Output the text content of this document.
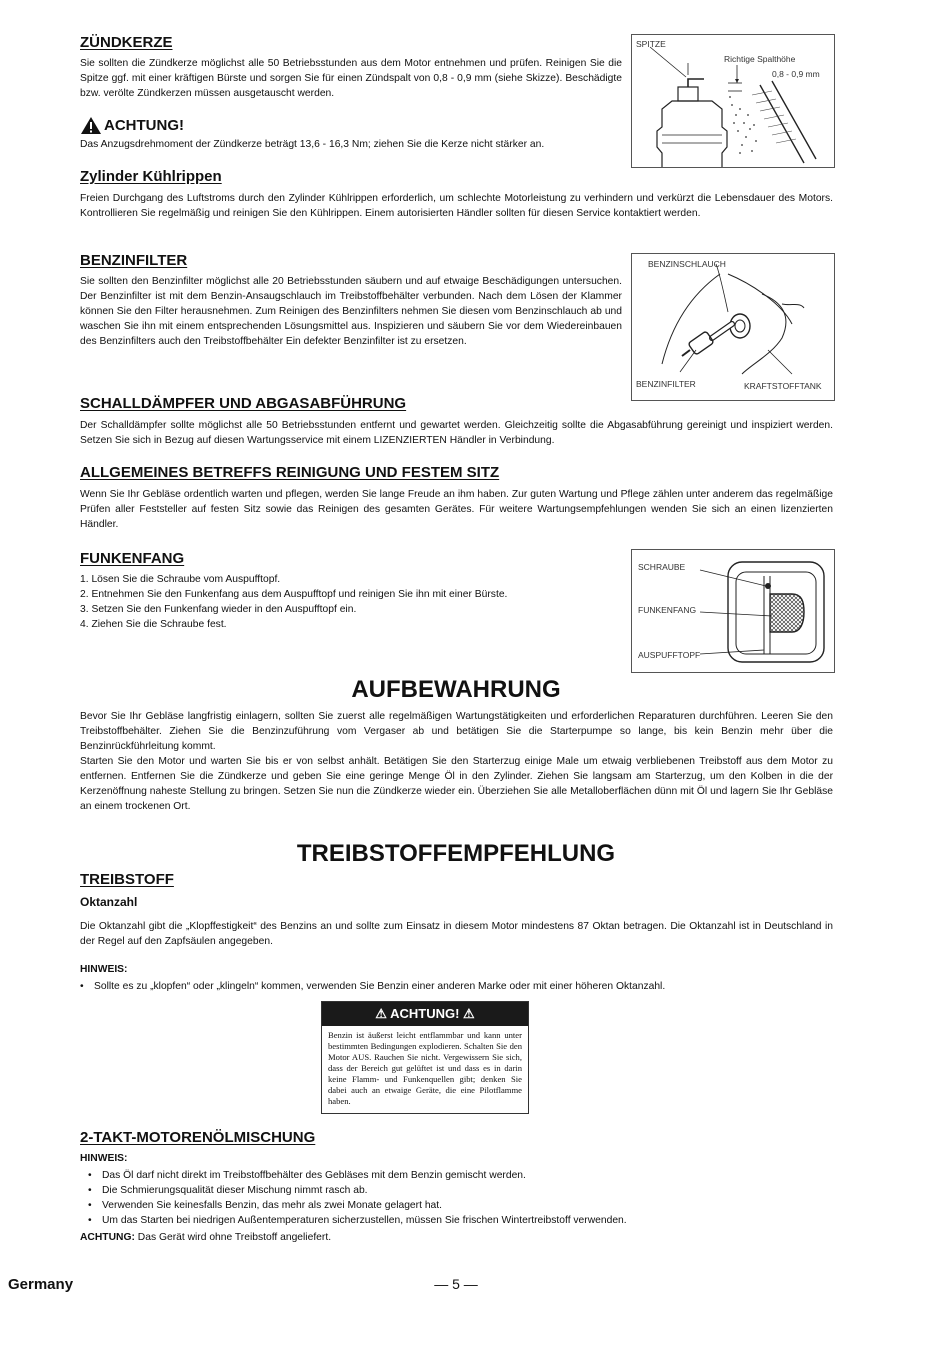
ZÜNDKERZE

Sie sollten die Zündkerze möglichst alle 50 Betriebsstunden aus dem Motor entnehmen und prüfen. Reinigen Sie die Spitze ggf. mit einer kräftigen Bürste und sorgen Sie für einen Zündspalt von 0,8 - 0,9 mm (siehe Skizze). Beschädigte bzw. verölte Zündkerzen müssen ausgetauscht werden.

ACHTUNG!

Das Anzugsdrehmoment der Zündkerze beträgt 13,6 - 16,3 Nm; ziehen Sie die Kerze nicht stärker an.

SPITZE
Richtige Spalthöhe
0,8 - 0,9 mm
Zylinder Kühlrippen

Freien Durchgang des Luftstroms durch den Zylinder Kühlrippen erforderlich, um schlechte Motorleistung zu verhindern und verkürzt die Lebensdauer des Motors. Kontrollieren Sie regelmäßig und reinigen Sie den Kühlrippen. Einem autorisierten Händler sollten für diesen Service kontaktiert werden.

BENZINFILTER

Sie sollten den Benzinfilter möglichst alle 20 Betriebsstunden säubern und auf etwaige Beschädigungen untersuchen. Der Benzinfilter ist mit dem Benzin-Ansaugschlauch im Treibstoffbehälter verbunden. Nach dem Lösen der Klammer können Sie den Filter herausnehmen. Zum Reinigen des Benzinfilters nehmen Sie diesen vom Benzinschlauch ab und waschen Sie ihn mit einem entsprechenden Lösungsmittel aus. Inspizieren und säubern Sie vor dem Wiedereinbauen des Benzinfilters auch den Treibstoffbehälter Ein defekter Benzinfilter ist zu ersetzen.

BENZINSCHLAUCH
BENZINFILTER	KRAFTSTOFFTANK
SCHALLDÄMPFER UND ABGASABFÜHRUNG

Der Schalldämpfer sollte möglichst alle 50 Betriebsstunden entfernt und gewartet werden. Gleichzeitig sollte die Abgasabführung gereinigt und inspiziert werden. Setzen Sie sich in Bezug auf diesen Wartungsservice mit einem LIZENZIERTEN Händler in Verbindung.

ALLGEMEINES BETREFFS REINIGUNG UND FESTEM SITZ

Wenn Sie Ihr Gebläse ordentlich warten und pflegen, werden Sie lange Freude an ihm haben. Zur guten Wartung und Pflege zählen unter anderem das regelmäßige Prüfen aller Feststeller auf festen Sitz sowie das Reinigen des gesamten Gerätes. Für weitere Wartungsempfehlungen wenden Sie sich an einen lizenzierten Händler.

FUNKENFANG
1. Lösen Sie die Schraube vom Auspufftopf.
2. Entnehmen Sie den Funkenfang aus dem Auspufftopf und reinigen Sie ihn mit einer Bürste.
3. Setzen Sie den Funkenfang wieder in den Auspufftopf ein.
4. Ziehen Sie die Schraube fest.
SCHRAUBE
FUNKENFANG
AUSPUFFTOPF
AUFBEWAHRUNG

Bevor Sie Ihr Gebläse langfristig einlagern, sollten Sie zuerst alle regelmäßigen Wartungstätigkeiten und erforderlichen Reparaturen durchführen. Leeren Sie den Treibstoffbehälter. Ziehen Sie die Benzinzuführung vom Vergaser ab und betätigen Sie die Starterpumpe so lange, bis kein Benzin mehr über die Benzinrückführleitung kommt.

Starten Sie den Motor und warten Sie bis er von selbst anhält. Betätigen Sie den Starterzug einige Male um etwaig verbliebenen Treibstoff aus dem Motor zu entfernen. Entfernen Sie die Zündkerze und geben Sie eine geringe Menge Öl in den Zylinder. Ziehen Sie langsam am Starterzug, um den Kolben in die der Kerzenöffnung naheste Stellung zu bringen. Setzen Sie nun die Zündkerze wieder ein. Überziehen Sie alle Metalloberflächen dünn mit Öl und lagern Sie Ihr Gebläse an einem trockenen Ort.

TREIBSTOFFEMPFEHLUNG
TREIBSTOFF

Oktanzahl

Die Oktanzahl gibt die „Klopffestigkeit“ des Benzins an und sollte zum Einsatz in diesem Motor mindestens 87 Oktan betragen. Die Oktanzahl ist in Deutschland in der Regel auf den Zapfsäulen angegeben.

HINWEIS:

• Sollte es zu „klopfen“ oder „klingeln“ kommen, verwenden Sie Benzin einer anderen Marke oder mit einer höheren Oktanzahl.
⚠ ACHTUNG! ⚠
Benzin ist äußerst leicht entflammbar und kann unter bestimmten Bedingungen explodieren. Schalten Sie den Motor AUS. Rauchen Sie nicht. Vergewissern Sie sich, dass der Bereich gut gelüftet ist und dass es in darin keine Flamm- und Funkenquellen gibt; denken Sie dabei auch an etwaige Geräte, die eine Pilotflamme haben.
2-TAKT-MOTORENÖLMISCHUNG

HINWEIS:

• Das Öl darf nicht direkt im Treibstoffbehälter des Gebläses mit dem Benzin gemischt werden.
• Die Schmierungsqualität dieser Mischung nimmt rasch ab.
• Verwenden Sie keinesfalls Benzin, das mehr als zwei Monate gelagert hat.
• Um das Starten bei niedrigen Außentemperaturen sicherzustellen, müssen Sie frischen Wintertreibstoff verwenden.

ACHTUNG: Das Gerät wird ohne Treibstoff angeliefert.

Germany	— 5 —
